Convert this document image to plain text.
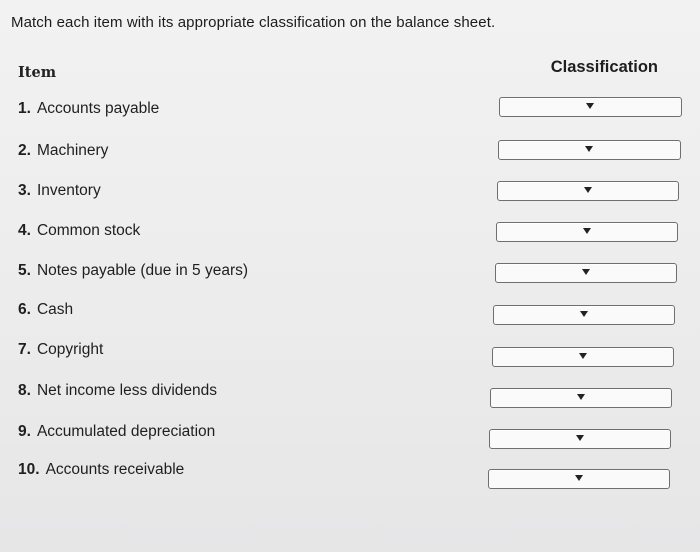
Match each item with its appropriate classification on the balance sheet.
Item	Classification
1. Accounts payable
2. Machinery
3. Inventory
4. Common stock
5. Notes payable (due in 5 years)
6. Cash
7. Copyright
8. Net income less dividends
9. Accumulated depreciation
10. Accounts receivable
